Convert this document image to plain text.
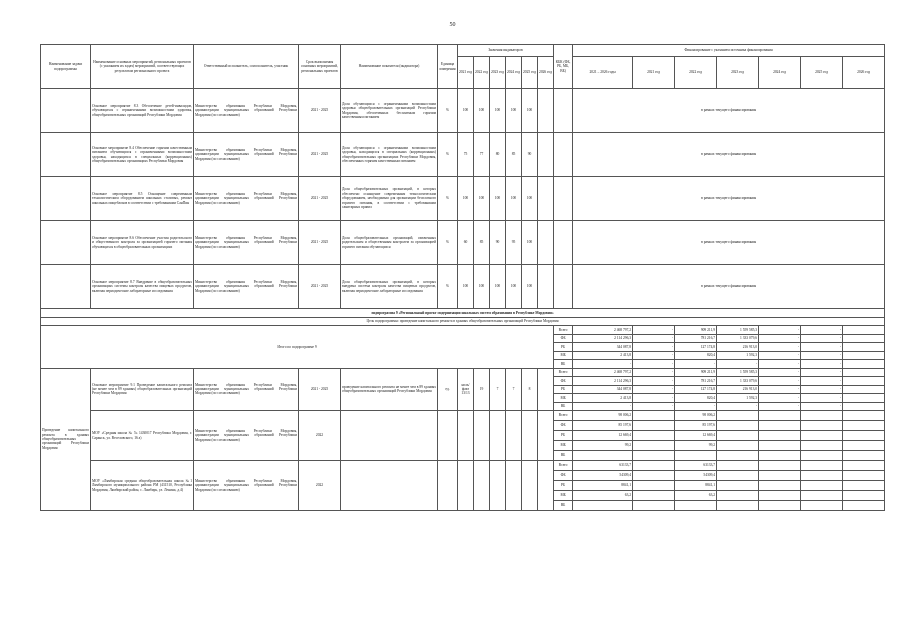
50
Наименование задачи подпрограммы	Наименование основных мероприятий, региональных проектов (с указанием их задач) мероприятий, соответствующих результатам регионального проекта	Ответственный исполнитель, соисполнитель, участник	Срок выполнения основных мероприятий, региональных проектов	Наименование показателя (индикатора)	Единица измерения	Значения индикаторов						КБК (ФБ, РБ, МБ, ВБ)	Финансирование с указанием источника финансирования						
						2021 год	2022 год	2023 год	2024 год	2025 год	2026 год		2021 – 2026 годы	2021 год	2022 год	2023 год	2024 год	2025 год	2026 год
	Основное мероприятие 8.3 Обеспечение детей-инвалидов, обучающихся с ограниченными возможностями здоровья, общеобразовательных организаций Республики Мордовия	Министерство образования Республики Мордовия, администрации муниципальных образований Республики Мордовия (по согласованию)	2021 - 2025	Доля обучающихся с ограниченными возможностями здоровья общеобразовательных организаций Республики Мордовия, обеспеченных бесплатным горячим качественным питанием	%	100	100	100	100	100			в рамках текущего финансирования						
	Основное мероприятие 8.4 Обеспечение горячим качественным питанием обучающихся с ограниченными возможностями здоровья, находящихся в специальных (коррекционных) общеобразовательных организациях Республики Мордовия	Министерство образования Республики Мордовия, администрации муниципальных образований Республики Мордовия (по согласованию)	2021 - 2025	Доля обучающихся с ограниченными возможностями здоровья, находящихся в специальных (коррекционных) общеобразовательных организациях Республики Мордовия, обеспеченных горячим качественным питанием	%	75	77	80	85	90			в рамках текущего финансирования						
	Основное мероприятие 8.5 Оснащение современным технологическим оборудованием школьных столовых, ремонт школьных пищеблоков в соответствии с требованиями СанПин	Министерство образования Республики Мордовия, администрации муниципальных образований Республики Мордовия (по согласованию)	2021 - 2025	Доля общеобразовательных организаций, в которых обеспечено оснащение современным технологическим оборудованием, необходимым для организации бесплатного горячего питания, в соответствии с требованиями санитарных правил	%	100	100	100	100	100			в рамках текущего финансирования						
	Основное мероприятие 8.6 Обеспечение участия родительского и общественного контроля за организацией горячего питания обучающихся в общеобразовательных организациях	Министерство образования Республики Мордовия, администрации муниципальных образований Республики Мордовия (по согласованию)	2021 - 2025	Доля общеобразовательных организаций, охваченных родительским и общественным контролем за организацией горячего питания обучающихся	%	60	85	90	95	100			в рамках текущего финансирования						
	Основное мероприятие 8.7 Внедрение в общеобразовательных организациях системы контроля качества пищевых продуктов, включая периодические лабораторные исследования	Министерство образования Республики Мордовия, администрации муниципальных образований Республики Мордовия (по согласованию)	2021 - 2025	Доля общеобразовательных организаций, в которых внедрена система контроля качества пищевых продуктов, включая периодические лабораторные исследования	%	100	100	100	100	100			в рамках текущего финансирования						
подпрограмма 9 «Региональный проект модернизации школьных систем образования в Республике Мордовия»																			
Цель подпрограммы: проведение капитального ремонта в зданиях общеобразовательных организаций Республики Мордовия																			
Итого по подпрограмме 9												Всего	2 468 797,2	-	909 211,9	1 559 585,3	-	-	
												ФБ	2 114 296,3	-	781 216,7	1 333 079,6	-	-	
												РБ	344 087,8	-	127 174,8	216 913,0	-	-	
												МБ	2 413,8	-	820,4	1 592,3	-	-	
												ВБ	-	-	-	-	-	-	
Проведение капитального ремонта в зданиях общеобразовательных организаций Республики Мордовия	Основное мероприятие 9.1 Проведение капитального ремонта (не менее чем в 89 зданиях) общеобразовательных организаций Республики Мордовия	Министерство образования Республики Мордовия, администрации муниципальных образований Республики Мордовия (по согласованию)	2021 - 2025	проведение капитального ремонта не менее чем в 89 зданиях общеобразовательных организаций Республики Мордовия	ед.	ноль/факт 13/13	19	7	7	8		Всего	2 468 797,2	-	909 211,9	1 559 585,3	-	-	
												ФБ	2 114 296,3	-	781 216,7	1 333 079,6	-	-	
												РБ	344 087,8	-	127 174,8	216 913,0	-	-	
												МБ	2 413,8	-	820,4	1 592,3	-	-	
												ВБ	-	-	-	-	-	-	
	МОУ «Средняя школа № 5» 1430017 Республика Мордовия, г. Саранск, ул. Веселовского, 16 а)	Министерство образования Республики Мордовия, администрации муниципальных образований Республики Мордовия (по согласованию)	2022									Всего	98 006,2		98 006,2				
												ФБ	85 197,6		85 197,6				
												РБ	12 669,4		12 669,4				
												МБ	99,2		99,2				
												ВБ							
	МОУ «Лямбирская средняя общеобразовательная школа №1 Лямбирского муниципального района РМ (431510, Республика Мордовия, Лямбирский район, с. Лямбирь, ул. Ленина, д.4)	Министерство образования Республики Мордовия, администрации муниципальных образований Республики Мордовия (по согласованию)	2022									Всего	63133,7		63133,7				
												ФБ	54309,4		54309,4				
												РБ	8841,1		8841,1				
												МБ	63,2		63,2				
												ВБ							
